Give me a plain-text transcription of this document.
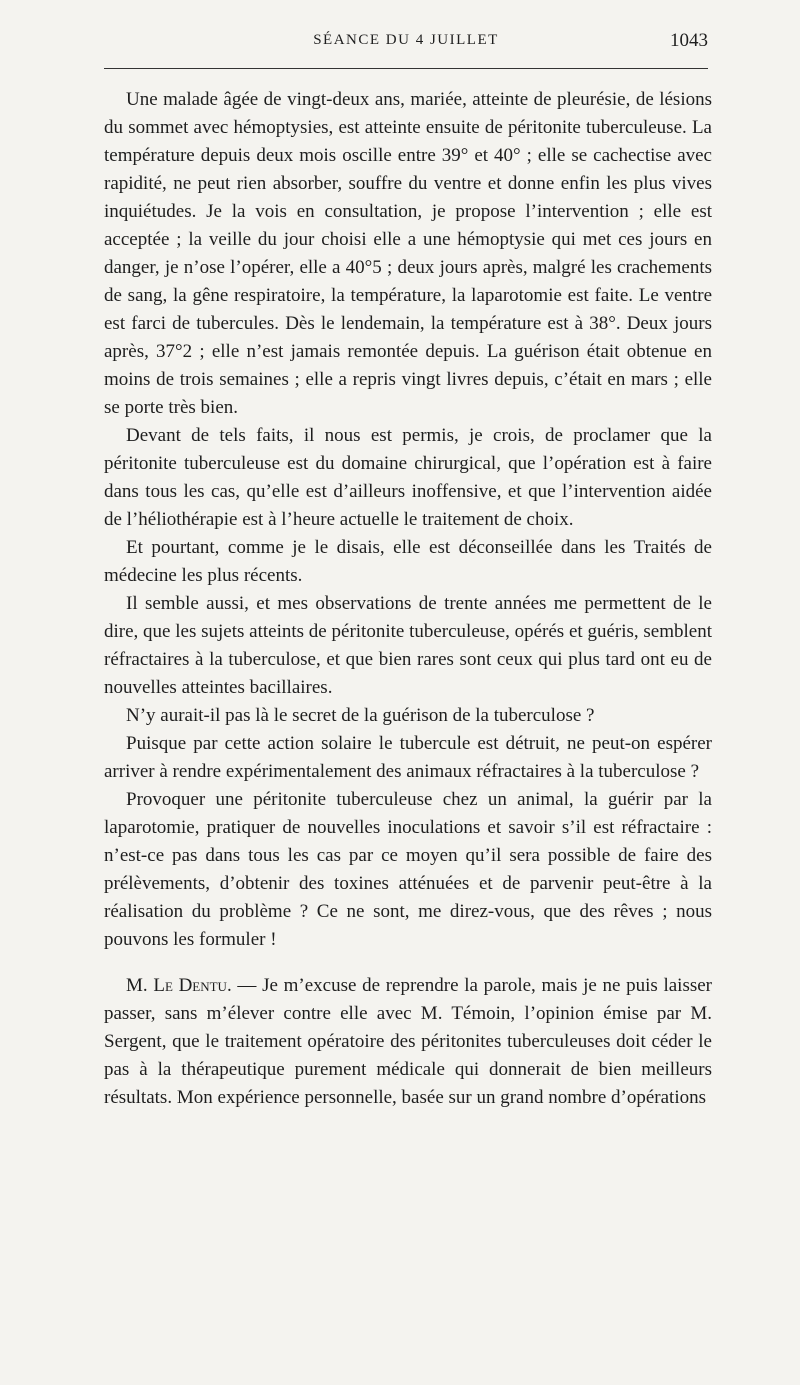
SÉANCE DU 4 JUILLET	1043

Une malade âgée de vingt-deux ans, mariée, atteinte de pleurésie, de lésions du sommet avec hémoptysies, est atteinte ensuite de péritonite tuberculeuse. La température depuis deux mois oscille entre 39° et 40° ; elle se cachectise avec rapidité, ne peut rien absorber, souffre du ventre et donne enfin les plus vives inquiétudes. Je la vois en consultation, je propose l’intervention ; elle est acceptée ; la veille du jour choisi elle a une hémoptysie qui met ces jours en danger, je n’ose l’opérer, elle a 40°5 ; deux jours après, malgré les crachements de sang, la gêne respiratoire, la température, la laparotomie est faite. Le ventre est farci de tubercules. Dès le lendemain, la température est à 38°. Deux jours après, 37°2 ; elle n’est jamais remontée depuis. La guérison était obtenue en moins de trois semaines ; elle a repris vingt livres depuis, c’était en mars ; elle se porte très bien.

Devant de tels faits, il nous est permis, je crois, de proclamer que la péritonite tuberculeuse est du domaine chirurgical, que l’opération est à faire dans tous les cas, qu’elle est d’ailleurs inoffensive, et que l’intervention aidée de l’héliothérapie est à l’heure actuelle le traitement de choix.

Et pourtant, comme je le disais, elle est déconseillée dans les Traités de médecine les plus récents.

Il semble aussi, et mes observations de trente années me permettent de le dire, que les sujets atteints de péritonite tuberculeuse, opérés et guéris, semblent réfractaires à la tuberculose, et que bien rares sont ceux qui plus tard ont eu de nouvelles atteintes bacillaires.

N’y aurait-il pas là le secret de la guérison de la tuberculose ?

Puisque par cette action solaire le tubercule est détruit, ne peut-on espérer arriver à rendre expérimentalement des animaux réfractaires à la tuberculose ?

Provoquer une péritonite tuberculeuse chez un animal, la guérir par la laparotomie, pratiquer de nouvelles inoculations et savoir s’il est réfractaire : n’est-ce pas dans tous les cas par ce moyen qu’il sera possible de faire des prélèvements, d’obtenir des toxines atténuées et de parvenir peut-être à la réalisation du problème ? Ce ne sont, me direz-vous, que des rêves ; nous pouvons les formuler !

M. Le Dentu. — Je m’excuse de reprendre la parole, mais je ne puis laisser passer, sans m’élever contre elle avec M. Témoin, l’opinion émise par M. Sergent, que le traitement opératoire des péritonites tuberculeuses doit céder le pas à la thérapeutique purement médicale qui donnerait de bien meilleurs résultats. Mon expérience personnelle, basée sur un grand nombre d’opérations
